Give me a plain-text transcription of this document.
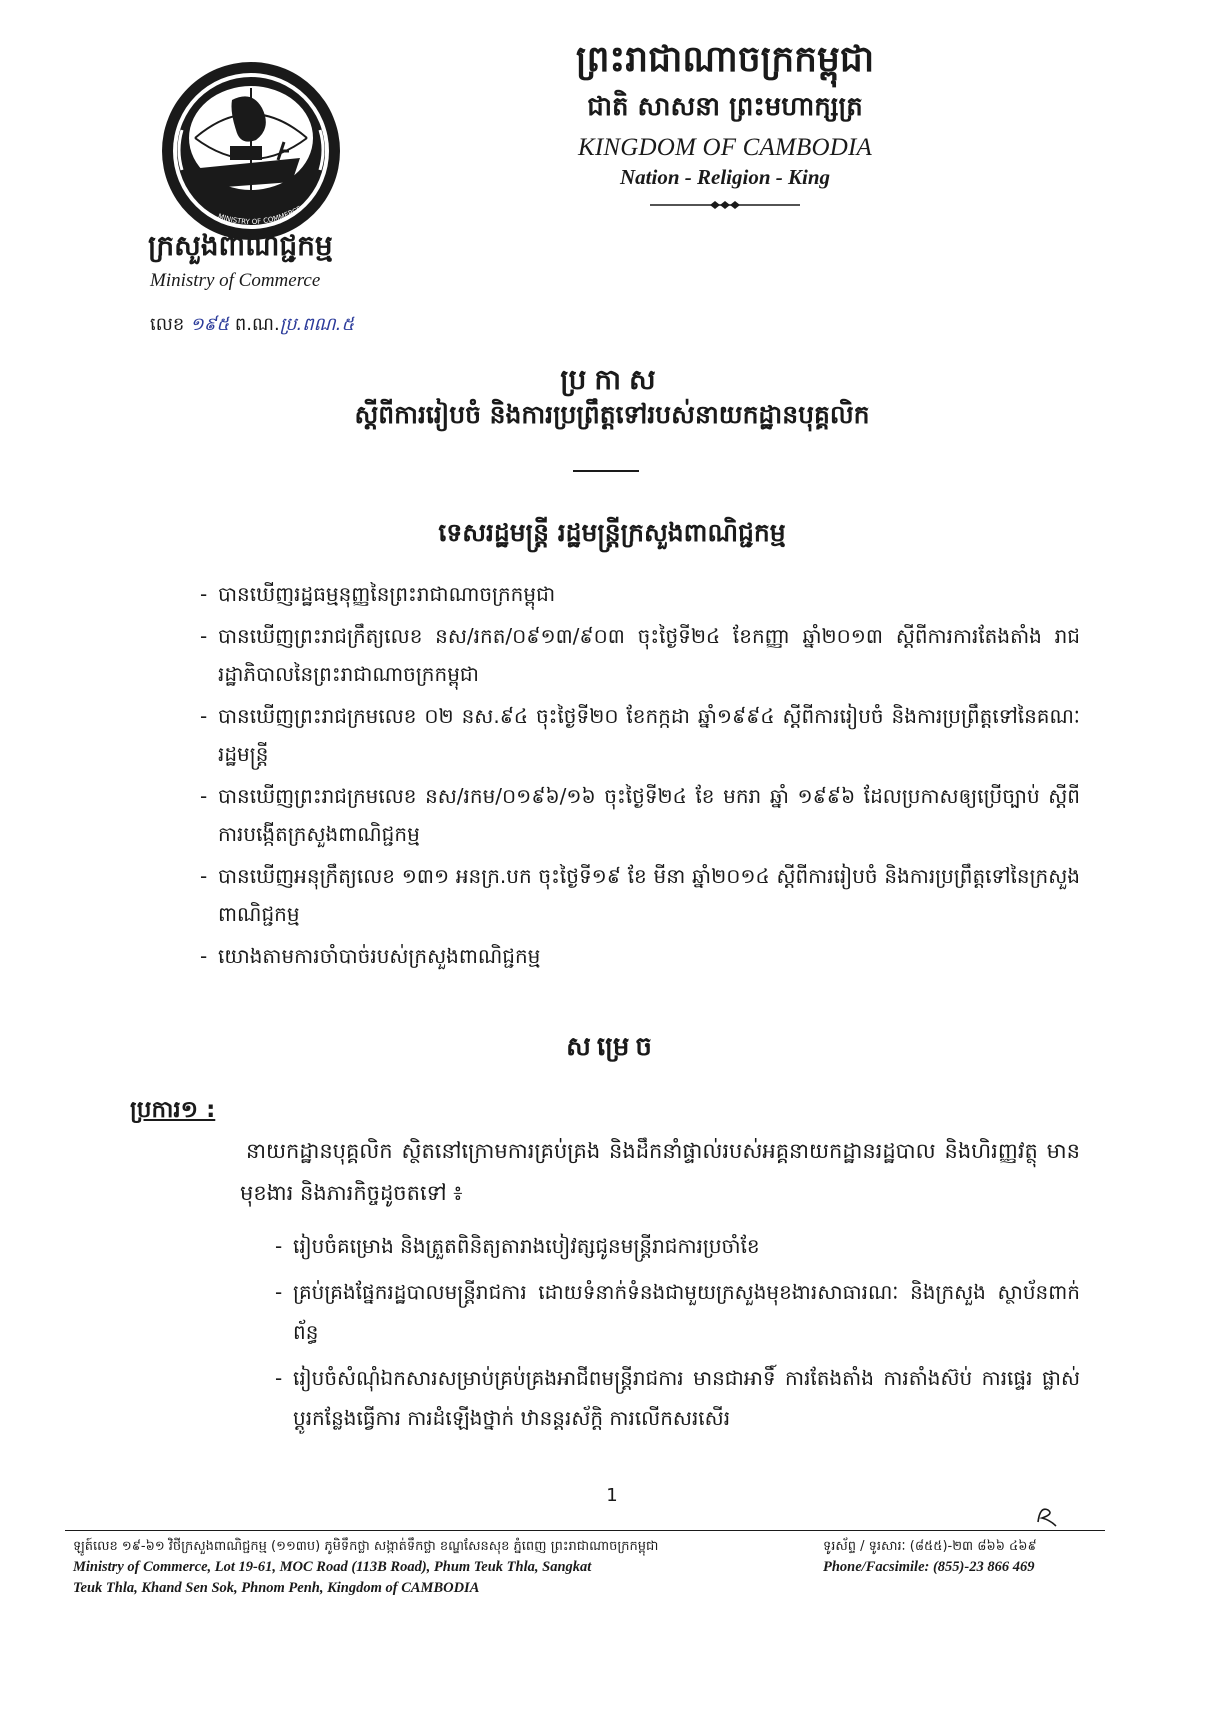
MINISTRY OF COMMERCE
ក្រសួងពាណិជ្ជកម្ម
Ministry of Commerce
លេខ ១៩៥ ព.ណ.ប្រ.ពណ.៥
ព្រះរាជាណាចក្រកម្ពុជា
ជាតិ សាសនា ព្រះមហាក្សត្រ
KINGDOM OF CAMBODIA
Nation - Religion - King
ប្រកាស
ស្តីពីការរៀបចំ និងការប្រព្រឹត្តទៅរបស់នាយកដ្ឋានបុគ្គលិក
ទេសរដ្ឋមន្ត្រី រដ្ឋមន្ត្រីក្រសួងពាណិជ្ជកម្ម
- បានឃើញរដ្ឋធម្មនុញ្ញនៃព្រះរាជាណាចក្រកម្ពុជា
- បានឃើញព្រះរាជក្រឹត្យលេខ នស/រកត/០៩១៣/៩០៣ ចុះថ្ងៃទី២៤ ខែកញ្ញា ឆ្នាំ២០១៣ ស្តីពីការការតែងតាំង រាជរដ្ឋាភិបាលនៃព្រះរាជាណាចក្រកម្ពុជា
- បានឃើញព្រះរាជក្រមលេខ ០២ នស.៩៤ ចុះថ្ងៃទី២០ ខែកក្កដា ឆ្នាំ១៩៩៤ ស្តីពីការរៀបចំ និងការប្រព្រឹត្តទៅនៃគណៈរដ្ឋមន្ត្រី
- បានឃើញព្រះរាជក្រមលេខ នស/រកម/០១៩៦/១៦ ចុះថ្ងៃទី២៤ ខែ មករា ឆ្នាំ ១៩៩៦ ដែលប្រកាសឲ្យប្រើច្បាប់ ស្តីពីការបង្កើតក្រសួងពាណិជ្ជកម្ម
- បានឃើញអនុក្រឹត្យលេខ ១៣១ អនក្រ.បក ចុះថ្ងៃទី១៩ ខែ មីនា ឆ្នាំ២០១៤ ស្តីពីការរៀបចំ និងការប្រព្រឹត្តទៅនៃក្រសួងពាណិជ្ជកម្ម
- យោងតាមការចាំបាច់របស់ក្រសួងពាណិជ្ជកម្ម
សម្រេច
ប្រការ១ :
នាយកដ្ឋានបុគ្គលិក ស្ថិតនៅក្រោមការគ្រប់គ្រង និងដឹកនាំផ្ទាល់របស់អគ្គនាយកដ្ឋានរដ្ឋបាល និងហិរញ្ញវត្ថុ មានមុខងារ និងភារកិច្ចដូចតទៅ ៖
- រៀបចំគម្រោង និងត្រួតពិនិត្យតារាងបៀវត្សជូនមន្ត្រីរាជការប្រចាំខែ
- គ្រប់គ្រងផ្នែករដ្ឋបាលមន្ត្រីរាជការ ដោយទំនាក់ទំនងជាមួយក្រសួងមុខងារសាធារណៈ និងក្រសួង ស្ថាប័នពាក់ព័ន្ធ
- រៀបចំសំណុំឯកសារសម្រាប់គ្រប់គ្រងអាជីពមន្ត្រីរាជការ មានជាអាទិ៍ ការតែងតាំង ការតាំងស៊ប់ ការផ្ទេរ ផ្លាស់ប្តូរកន្លែងធ្វើការ ការដំឡើងថ្នាក់ ឋានន្តរស័ក្តិ ការលើកសរសើរ
1
ឡូត៍លេខ ១៩-៦១ វិថីក្រសួងពាណិជ្ជកម្ម (១១៣ប) ភូមិទឹកថ្លា សង្កាត់ទឹកថ្លា ខណ្ឌសែនសុខ ភ្នំពេញ ព្រះរាជាណាចក្រកម្ពុជា
Ministry of Commerce, Lot 19-61, MOC Road (113B Road), Phum Teuk Thla, Sangkat
Teuk Thla, Khand Sen Sok, Phnom Penh, Kingdom of CAMBODIA
ទូរស័ព្ទ / ទូរសារៈ (៨៥៥)-២៣ ៨៦៦ ៤៦៩
Phone/Facsimile: (855)-23 866 469
